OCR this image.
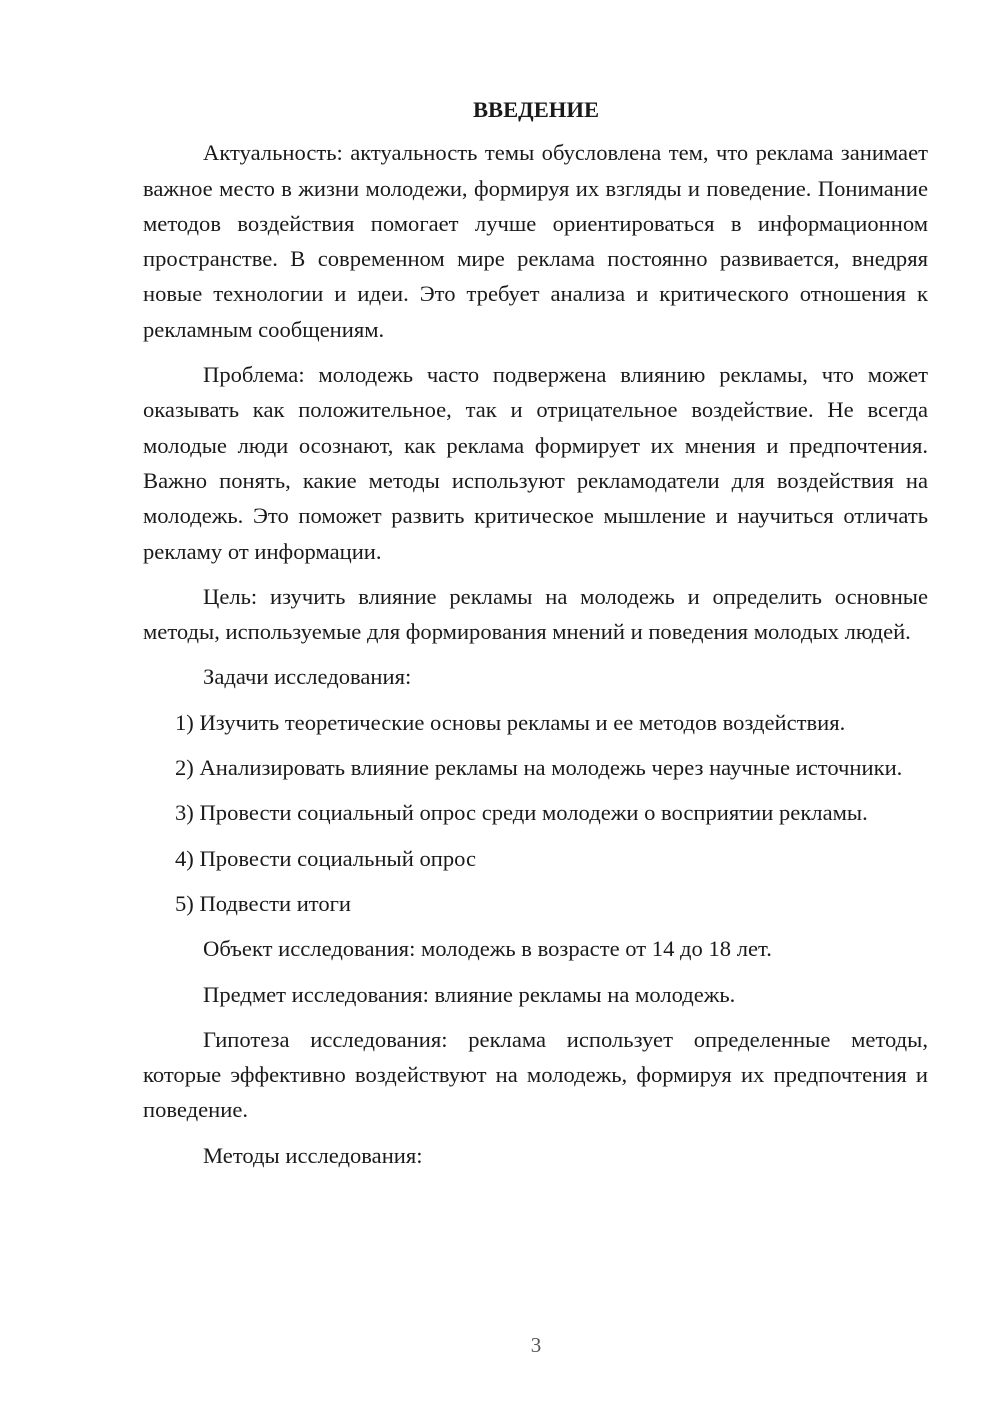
ВВЕДЕНИЕ

Актуальность: актуальность темы обусловлена тем, что реклама занимает важное место в жизни молодежи, формируя их взгляды и поведение. Понимание методов воздействия помогает лучше ориентироваться в информационном пространстве. В современном мире реклама постоянно развивается, внедряя новые технологии и идеи. Это требует анализа и критического отношения к рекламным сообщениям.

Проблема: молодежь часто подвержена влиянию рекламы, что может оказывать как положительное, так и отрицательное воздействие. Не всегда молодые люди осознают, как реклама формирует их мнения и предпочтения. Важно понять, какие методы используют рекламодатели для воздействия на молодежь. Это поможет развить критическое мышление и научиться отличать рекламу от информации.

Цель: изучить влияние рекламы на молодежь и определить основные методы, используемые для формирования мнений и поведения молодых людей.

Задачи исследования:

1) Изучить теоретические основы рекламы и ее методов воздействия.

2) Анализировать влияние рекламы на молодежь через научные источники.

3) Провести социальный опрос среди молодежи о восприятии рекламы.

4) Провести социальный опрос

5) Подвести итоги

Объект исследования: молодежь в возрасте от 14 до 18 лет.

Предмет исследования: влияние рекламы на молодежь.

Гипотеза исследования: реклама использует определенные методы, которые эффективно воздействуют на молодежь, формируя их предпочтения и поведение.

Методы исследования:

3
